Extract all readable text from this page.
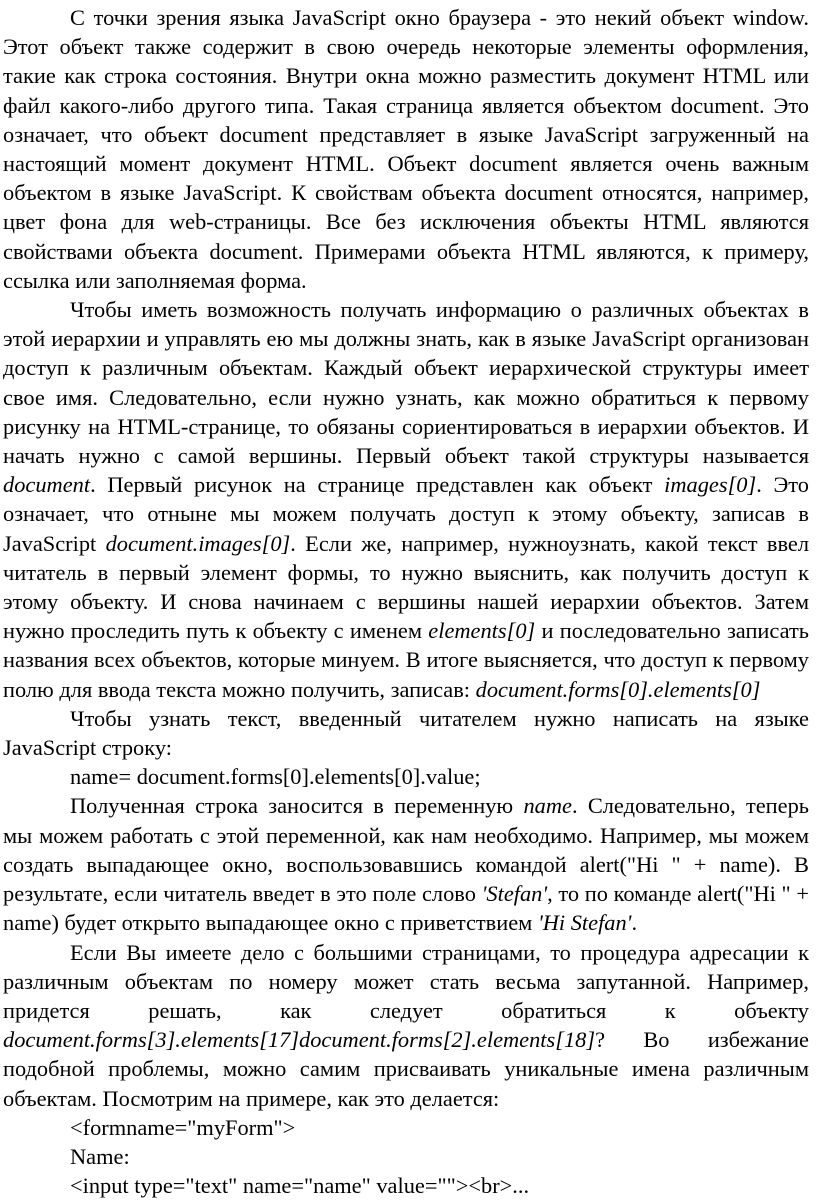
С точки зрения языка JavaScript окно браузера - это некий объект window. Этот объект также содержит в свою очередь некоторые элементы оформления, такие как строка состояния. Внутри окна можно разместить документ HTML или файл какого-либо другого типа. Такая страница является объектом document. Это означает, что объект document представляет в языке JavaScript загруженный на настоящий момент документ HTML. Объект document является очень важным объектом в языке JavaScript. К свойствам объекта document относятся, например, цвет фона для web-страницы. Все без исключения объекты HTML являются свойствами объекта document. Примерами объекта HTML являются, к примеру, ссылка или заполняемая форма.

Чтобы иметь возможность получать информацию о различных объектах в этой иерархии и управлять ею мы должны знать, как в языке JavaScript организован доступ к различным объектам. Каждый объект иерархической структуры имеет свое имя. Следовательно, если нужно узнать, как можно обратиться к первому рисунку на HTML-странице, то обязаны сориентироваться в иерархии объектов. И начать нужно с самой вершины. Первый объект такой структуры называется document. Первый рисунок на странице представлен как объект images[0]. Это означает, что отныне мы можем получать доступ к этому объекту, записав в JavaScript document.images[0]. Если же, например, нужноузнать, какой текст ввел читатель в первый элемент формы, то нужно выяснить, как получить доступ к этому объекту. И снова начинаем с вершины нашей иерархии объектов. Затем нужно проследить путь к объекту с именем elements[0] и последовательно записать названия всех объектов, которые минуем. В итоге выясняется, что доступ к первому полю для ввода текста можно получить, записав: document.forms[0].elements[0]

Чтобы узнать текст, введенный читателем нужно написать на языке JavaScript строку:

name= document.forms[0].elements[0].value;

Полученная строка заносится в переменную name. Следовательно, теперь мы можем работать с этой переменной, как нам необходимо. Например, мы можем создать выпадающее окно, воспользовавшись командой alert("Hi " + name). В результате, если читатель введет в это поле слово 'Stefan', то по команде alert("Hi " + name) будет открыто выпадающее окно с приветствием 'Hi Stefan'.

Если Вы имеете дело с большими страницами, то процедура адресации к различным объектам по номеру может стать весьма запутанной. Например, придется решать, как следует обратиться к объекту document.forms[3].elements[17]document.forms[2].elements[18]? Во избежание подобной проблемы, можно самим присваивать уникальные имена различным объектам. Посмотрим на примере, как это делается:

<formname="myForm">

Name:

<input type="text" name="name" value=""><br>...
